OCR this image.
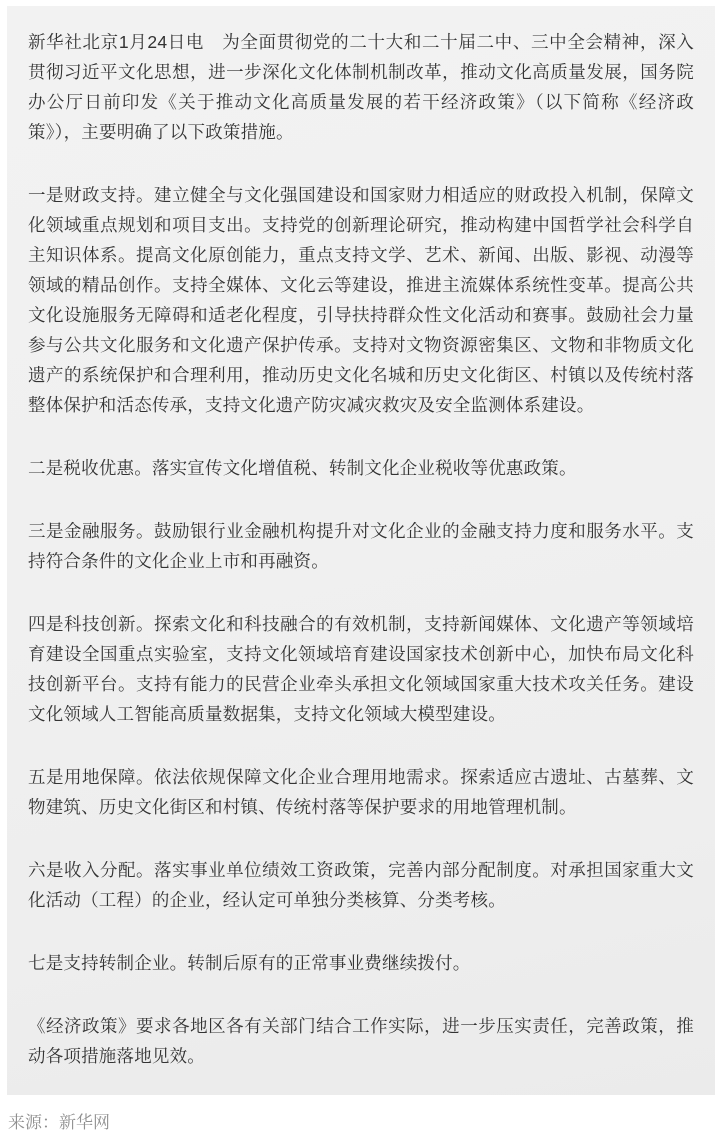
新华社北京1月24日电　为全面贯彻党的二十大和二十届二中、三中全会精神，深入贯彻习近平文化思想，进一步深化文化体制机制改革，推动文化高质量发展，国务院办公厅日前印发《关于推动文化高质量发展的若干经济政策》（以下简称《经济政策》），主要明确了以下政策措施。

一是财政支持。建立健全与文化强国建设和国家财力相适应的财政投入机制，保障文化领域重点规划和项目支出。支持党的创新理论研究，推动构建中国哲学社会科学自主知识体系。提高文化原创能力，重点支持文学、艺术、新闻、出版、影视、动漫等领域的精品创作。支持全媒体、文化云等建设，推进主流媒体系统性变革。提高公共文化设施服务无障碍和适老化程度，引导扶持群众性文化活动和赛事。鼓励社会力量参与公共文化服务和文化遗产保护传承。支持对文物资源密集区、文物和非物质文化遗产的系统保护和合理利用，推动历史文化名城和历史文化街区、村镇以及传统村落整体保护和活态传承，支持文化遗产防灾减灾救灾及安全监测体系建设。

二是税收优惠。落实宣传文化增值税、转制文化企业税收等优惠政策。

三是金融服务。鼓励银行业金融机构提升对文化企业的金融支持力度和服务水平。支持符合条件的文化企业上市和再融资。

四是科技创新。探索文化和科技融合的有效机制，支持新闻媒体、文化遗产等领域培育建设全国重点实验室，支持文化领域培育建设国家技术创新中心，加快布局文化科技创新平台。支持有能力的民营企业牵头承担文化领域国家重大技术攻关任务。建设文化领域人工智能高质量数据集，支持文化领域大模型建设。

五是用地保障。依法依规保障文化企业合理用地需求。探索适应古遗址、古墓葬、文物建筑、历史文化街区和村镇、传统村落等保护要求的用地管理机制。

六是收入分配。落实事业单位绩效工资政策，完善内部分配制度。对承担国家重大文化活动（工程）的企业，经认定可单独分类核算、分类考核。

七是支持转制企业。转制后原有的正常事业费继续拨付。

《经济政策》要求各地区各有关部门结合工作实际，进一步压实责任，完善政策，推动各项措施落地见效。

来源：新华网
